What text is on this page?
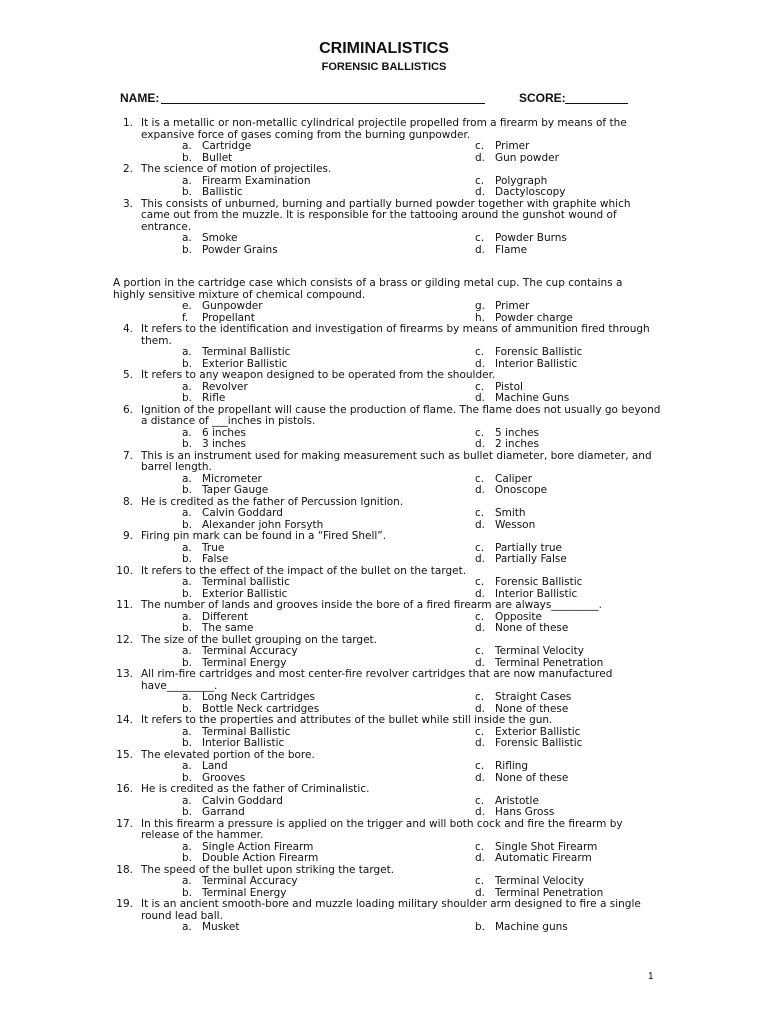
CRIMINALISTICS
FORENSIC BALLISTICS
NAME:	SCORE:
1. It is a metallic or non-metallic cylindrical projectile propelled from a firearm by means of the expansive force of gases coming from the burning gunpowder.
a. Cartridge	c. Primer
b. Bullet	d. Gun powder
2. The science of motion of projectiles.
a. Firearm Examination	c. Polygraph
b. Ballistic	d. Dactyloscopy
3. This consists of unburned, burning and partially burned powder together with graphite which came out from the muzzle. It is responsible for the tattooing around the gunshot wound of entrance.
a. Smoke	c. Powder Burns
b. Powder Grains	d. Flame
A portion in the cartridge case which consists of a brass or gilding metal cup. The cup contains a highly sensitive mixture of chemical compound.
e. Gunpowder	g. Primer
f. Propellant	h. Powder charge
4. It refers to the identification and investigation of firearms by means of ammunition fired through them.
a. Terminal Ballistic	c. Forensic Ballistic
b. Exterior Ballistic	d. Interior Ballistic
5. It refers to any weapon designed to be operated from the shoulder.
a. Revolver	c. Pistol
b. Rifle	d. Machine Guns
6. Ignition of the propellant will cause the production of flame. The flame does not usually go beyond a distance of ___inches in pistols.
a. 6 inches	c. 5 inches
b. 3 inches	d. 2 inches
7. This is an instrument used for making measurement such as bullet diameter, bore diameter, and barrel length.
a. Micrometer	c. Caliper
b. Taper Gauge	d. Onoscope
8. He is credited as the father of Percussion Ignition.
a. Calvin Goddard	c. Smith
b. Alexander john Forsyth	d. Wesson
9. Firing pin mark can be found in a “Fired Shell”.
a. True	c. Partially true
b. False	d. Partially False
10. It refers to the effect of the impact of the bullet on the target.
a. Terminal ballistic	c. Forensic Ballistic
b. Exterior Ballistic	d. Interior Ballistic
11. The number of lands and grooves inside the bore of a fired firearm are always_________.
a. Different	c. Opposite
b. The same	d. None of these
12. The size of the bullet grouping on the target.
a. Terminal Accuracy	c. Terminal Velocity
b. Terminal Energy	d. Terminal Penetration
13. All rim-fire cartridges and most center-fire revolver cartridges that are now manufactured have_________.
a. Long Neck Cartridges	c. Straight Cases
b. Bottle Neck cartridges	d. None of these
14. It refers to the properties and attributes of the bullet while still inside the gun.
a. Terminal Ballistic	c. Exterior Ballistic
b. Interior Ballistic	d. Forensic Ballistic
15. The elevated portion of the bore.
a. Land	c. Rifling
b. Grooves	d. None of these
16. He is credited as the father of Criminalistic.
a. Calvin Goddard	c. Aristotle
b. Garrand	d. Hans Gross
17. In this firearm a pressure is applied on the trigger and will both cock and fire the firearm by release of the hammer.
a. Single Action Firearm	c. Single Shot Firearm
b. Double Action Firearm	d. Automatic Firearm
18. The speed of the bullet upon striking the target.
a. Terminal Accuracy	c. Terminal Velocity
b. Terminal Energy	d. Terminal Penetration
19. It is an ancient smooth-bore and muzzle loading military shoulder arm designed to fire a single round lead ball.
a. Musket	b. Machine guns
1
